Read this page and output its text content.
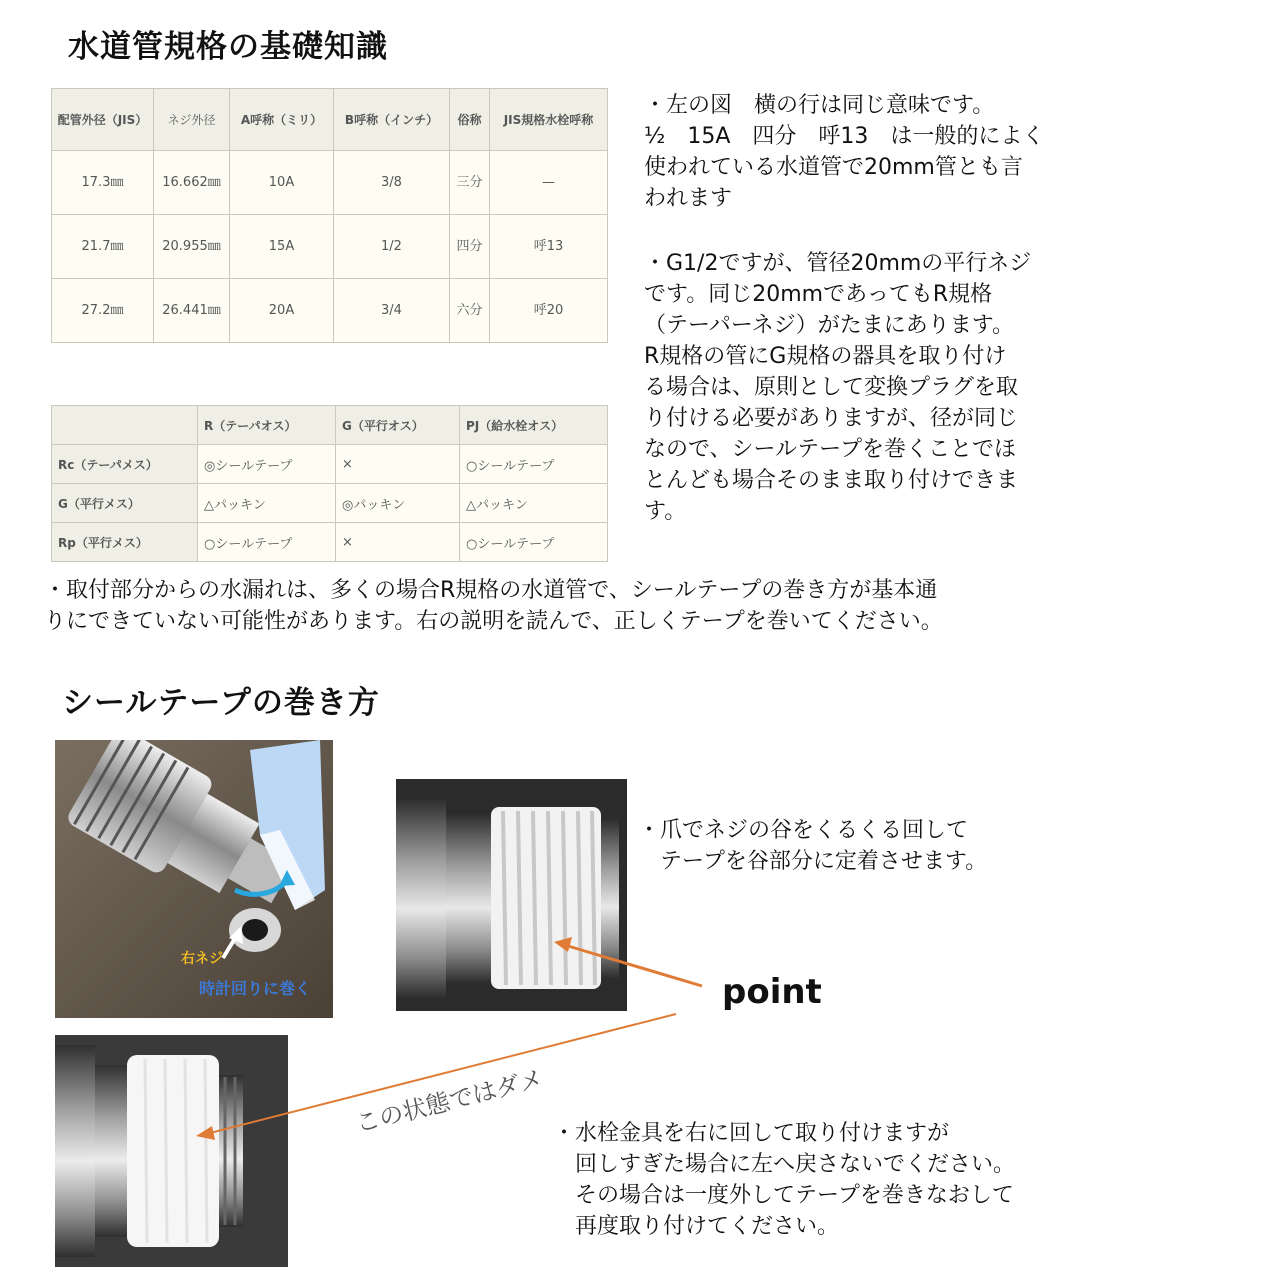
水道管規格の基礎知識
配管外径（JIS）	ネジ外径	A呼称（ミリ）	B呼称（インチ）	俗称	JIS規格水栓呼称
17.3㎜	16.662㎜	10A	3/8	三分	—
21.7㎜	20.955㎜	15A	1/2	四分	呼13
27.2㎜	26.441㎜	20A	3/4	六分	呼20
	R（テーパオス）	G（平行オス）	PJ（給水栓オス）
Rc（テーパメス）	◎シールテープ	×	○シールテープ
G（平行メス）	△パッキン	◎パッキン	△パッキン
Rp（平行メス）	○シールテープ	×	○シールテープ

・左の図　横の行は同じ意味です。
½　15A　四分　呼13　は一般的によく
使われている水道管で20mm管とも言
われます

・G1/2ですが、管径20mmの平行ネジ
です。同じ20mmであってもR規格
（テーパーネジ）がたまにあります。
R規格の管にG規格の器具を取り付け
る場合は、原則として変換プラグを取
り付ける必要がありますが、径が同じ
なので、シールテープを巻くことでほ
とんども場合そのまま取り付けできま
す。

・取付部分からの水漏れは、多くの場合R規格の水道管で、シールテープの巻き方が基本通
りにできていない可能性があります。右の説明を読んで、正しくテープを巻いてください。

シールテープの巻き方
右ネジ
時計回りに巻く

・爪でネジの谷をくるくる回して
　テープを谷部分に定着させます。

point
この状態ではダメ ・水栓金具を右に回して取り付けますが
　回しすぎた場合に左へ戻さないでください。
　その場合は一度外してテープを巻きなおして
　再度取り付けてください。
